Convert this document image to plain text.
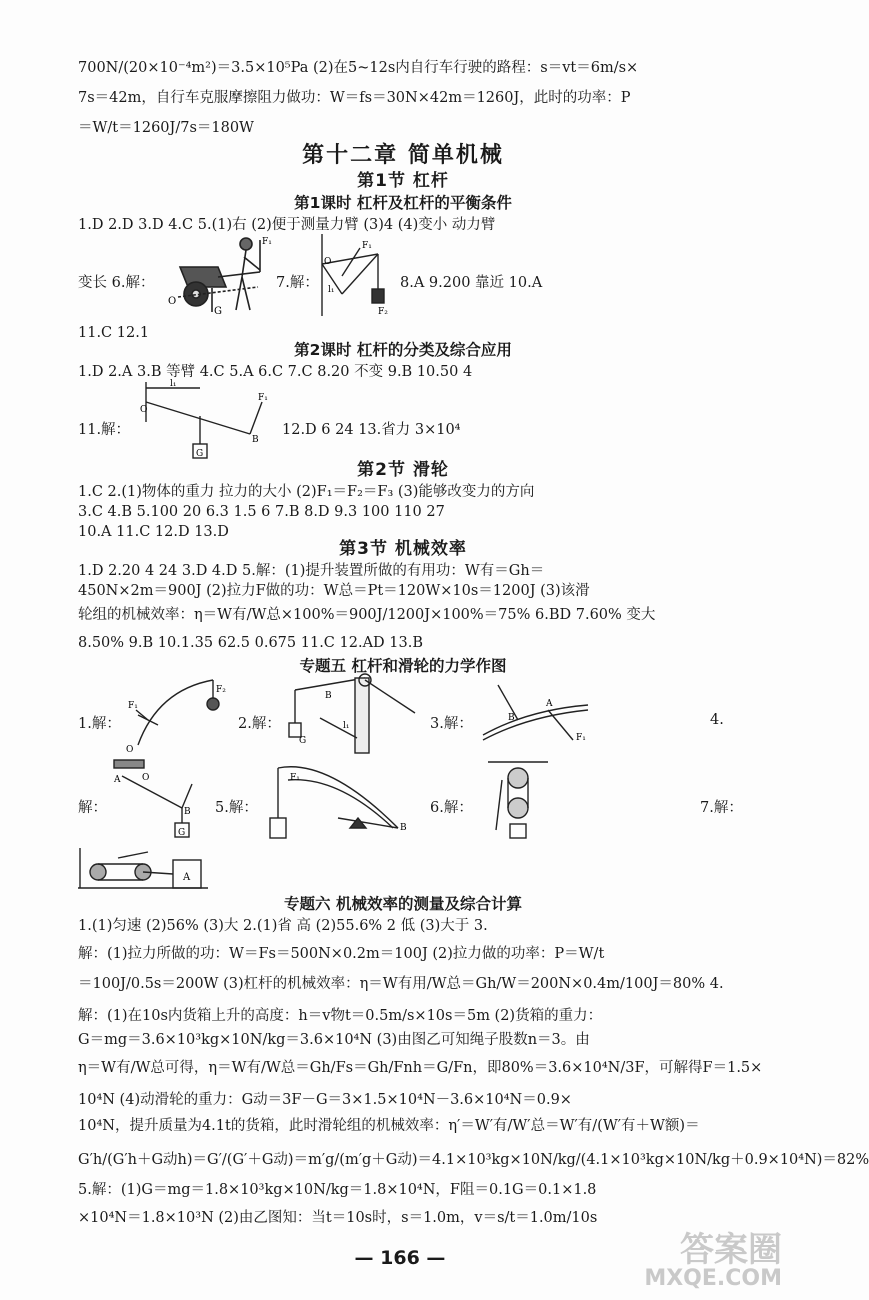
700N/(20×10⁻⁴m²)＝3.5×10⁵Pa (2)在5~12s内自行车行驶的路程：s＝vt＝6m/s×
7s＝42m，自行车克服摩擦阻力做功：W＝fs＝30N×42m＝1260J，此时的功率：P
＝W/t＝1260J/7s＝180W
第十二章 简单机械
第1节 杠杆
第1课时 杠杆及杠杆的平衡条件
1.D 2.D 3.D 4.C 5.(1)右 (2)便于测量力臂 (3)4 (4)变小 动力臂
变长 6.解：
O
G
F₁
7.解： l₁
F₁
O
F₂
8.A 9.200 靠近 10.A
11.C 12.1
第2课时 杠杆的分类及综合应用
1.D 2.A 3.B 等臂 4.C 5.A 6.C 7.C 8.20 不变 9.B 10.50 4
11.解：
O
l₁
G
B
F₁
12.D 6 24 13.省力 3×10⁴
第2节 滑轮
1.C 2.(1)物体的重力 拉力的大小 (2)F₁＝F₂＝F₃ (3)能够改变力的方向
3.C 4.B 5.100 20 6.3 1.5 6 7.B 8.D 9.3 100 110 27
10.A 11.C 12.D 13.D
第3节 机械效率
1.D 2.20 4 24 3.D 4.D 5.解：(1)提升装置所做的有用功：W有＝Gh＝
450N×2m＝900J (2)拉力F做的功：W总＝Pt＝120W×10s＝1200J (3)该滑
轮组的机械效率：η＝W有/W总×100%＝900J/1200J×100%＝75% 6.BD 7.60% 变大
8.50% 9.B 10.1.35 62.5 0.675 11.C 12.AD 13.B
专题五 杠杆和滑轮的力学作图
1.解：
O
F₁
F₂
2.解：
G
B
l₁	3.解：	B
A
F₁
4.
解：
A O
B
G
5.解：
F₁
B
6.解：	7.解：
A
专题六 机械效率的测量及综合计算
1.(1)匀速 (2)56% (3)大 2.(1)省 高 (2)55.6% 2 低 (3)大于 3.
解：(1)拉力所做的功：W＝Fs＝500N×0.2m＝100J (2)拉力做的功率：P＝W/t
＝100J/0.5s＝200W (3)杠杆的机械效率：η＝W有用/W总＝Gh/W＝200N×0.4m/100J＝80% 4.
解：(1)在10s内货箱上升的高度：h＝v物t＝0.5m/s×10s＝5m (2)货箱的重力：
G＝mg＝3.6×10³kg×10N/kg＝3.6×10⁴N (3)由图乙可知绳子股数n＝3。由
η＝W有/W总可得，η＝W有/W总＝Gh/Fs＝Gh/Fnh＝G/Fn，即80%＝3.6×10⁴N/3F，可解得F＝1.5×
10⁴N (4)动滑轮的重力：G动＝3F－G＝3×1.5×10⁴N－3.6×10⁴N＝0.9×
10⁴N，提升质量为4.1t的货箱，此时滑轮组的机械效率：η′＝W′有/W′总＝W′有/(W′有＋W额)＝
G′h/(G′h＋G动h)＝G′/(G′＋G动)＝m′g/(m′g＋G动)＝4.1×10³kg×10N/kg/(4.1×10³kg×10N/kg＋0.9×10⁴N)＝82%
5.解：(1)G＝mg＝1.8×10³kg×10N/kg＝1.8×10⁴N，F阻＝0.1G＝0.1×1.8
×10⁴N＝1.8×10³N (2)由乙图知：当t＝10s时，s＝1.0m，v＝s/t＝1.0m/10s
— 166 —	答案圈
MXQE.COM
